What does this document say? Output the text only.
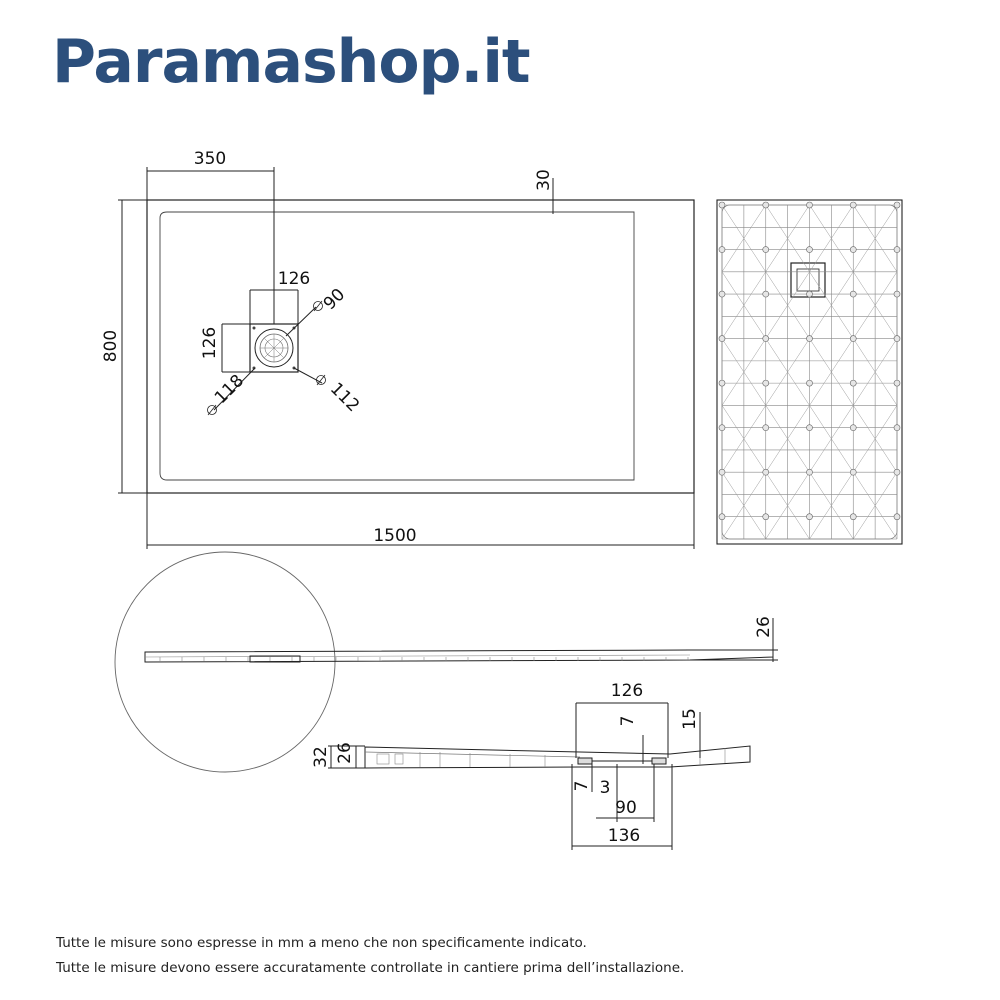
Paramashop.it
350
30
126
126
90
118	112
800
1500
26
126
7 15
32 26
7 3
90
136
Tutte le misure sono espresse in mm a meno che non specificamente indicato.
Tutte le misure devono essere accuratamente controllate in cantiere prima dell’installazione.
